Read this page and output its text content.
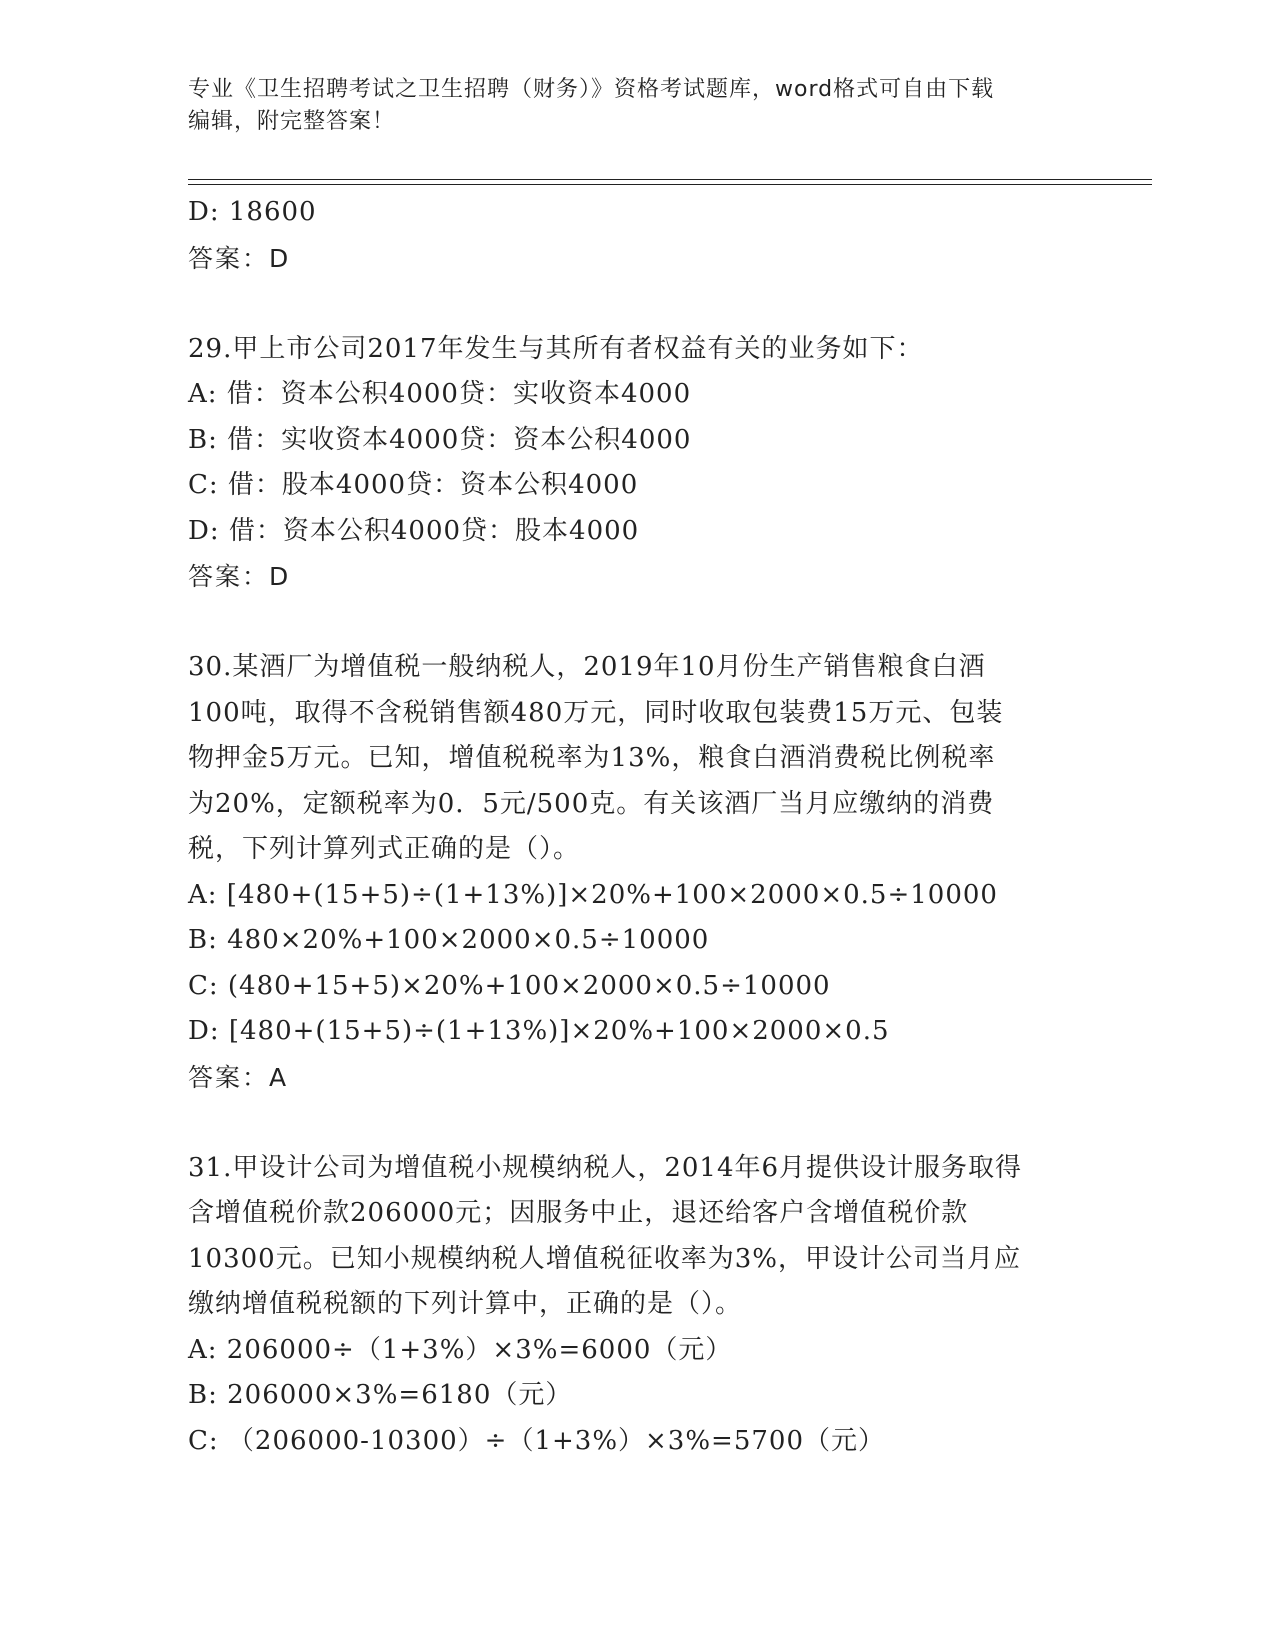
专业《卫生招聘考试之卫生招聘（财务）》资格考试题库，word格式可自由下载
编辑，附完整答案！
D: 18600
答案：D
29.甲上市公司2017年发生与其所有者权益有关的业务如下：
A: 借：资本公积4000贷：实收资本4000
B: 借：实收资本4000贷：资本公积4000
C: 借：股本4000贷：资本公积4000
D: 借：资本公积4000贷：股本4000
答案：D
30.某酒厂为增值税一般纳税人，2019年10月份生产销售粮食白酒
100吨，取得不含税销售额480万元，同时收取包装费15万元、包装
物押金5万元。已知，增值税税率为13%，粮食白酒消费税比例税率
为20%，定额税率为0．5元/500克。有关该酒厂当月应缴纳的消费
税，下列计算列式正确的是（）。
A: [480+(15+5)÷(1+13%)]×20%+100×2000×0.5÷10000
B: 480×20%+100×2000×0.5÷10000
C: (480+15+5)×20%+100×2000×0.5÷10000
D: [480+(15+5)÷(1+13%)]×20%+100×2000×0.5
答案：A
31.甲设计公司为增值税小规模纳税人，2014年6月提供设计服务取得
含增值税价款206000元；因服务中止，退还给客户含增值税价款
10300元。已知小规模纳税人增值税征收率为3%，甲设计公司当月应
缴纳增值税税额的下列计算中，正确的是（）。
A: 206000÷（1+3%）×3%=6000（元）
B: 206000×3%=6180（元）
C: （206000-10300）÷（1+3%）×3%=5700（元）
